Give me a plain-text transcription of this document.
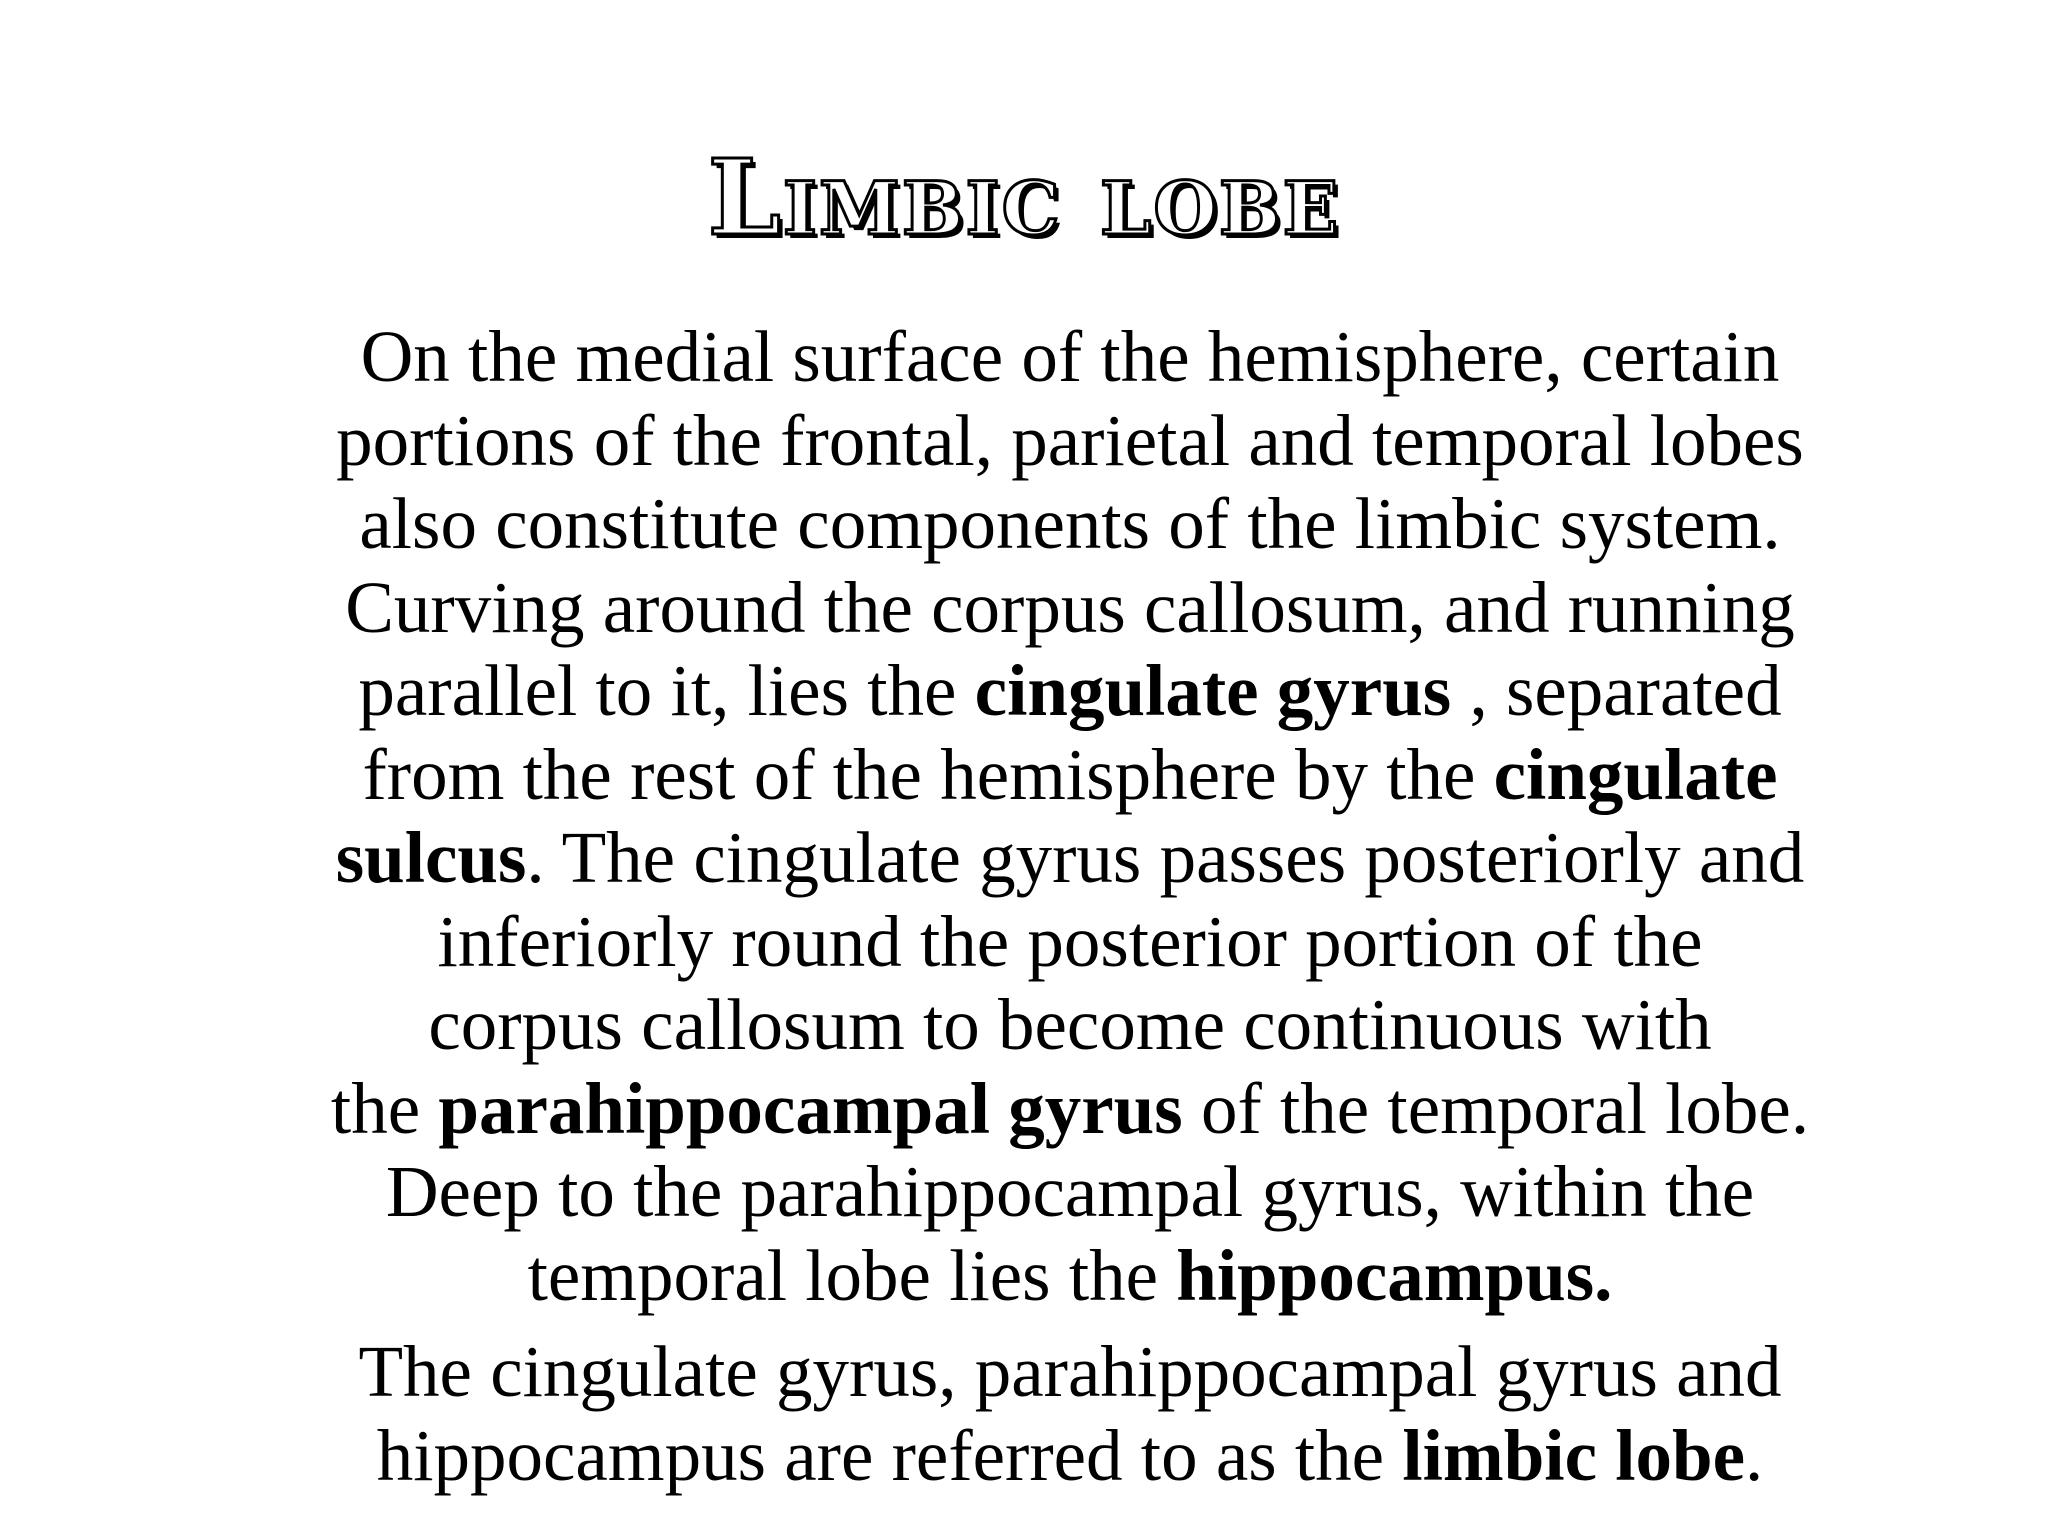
Limbic lobe

On the medial surface of the hemisphere, certain
portions of the frontal, parietal and temporal lobes
also constitute components of the limbic system.
Curving around the corpus callosum, and running
parallel to it, lies the cingulate gyrus , separated
from the rest of the hemisphere by the cingulate
sulcus. The cingulate gyrus passes posteriorly and
inferiorly round the posterior portion of the
corpus callosum to become continuous with
the parahippocampal gyrus of the temporal lobe.
Deep to the parahippocampal gyrus, within the
temporal lobe lies the hippocampus.

The cingulate gyrus, parahippocampal gyrus and
hippocampus are referred to as the limbic lobe.
